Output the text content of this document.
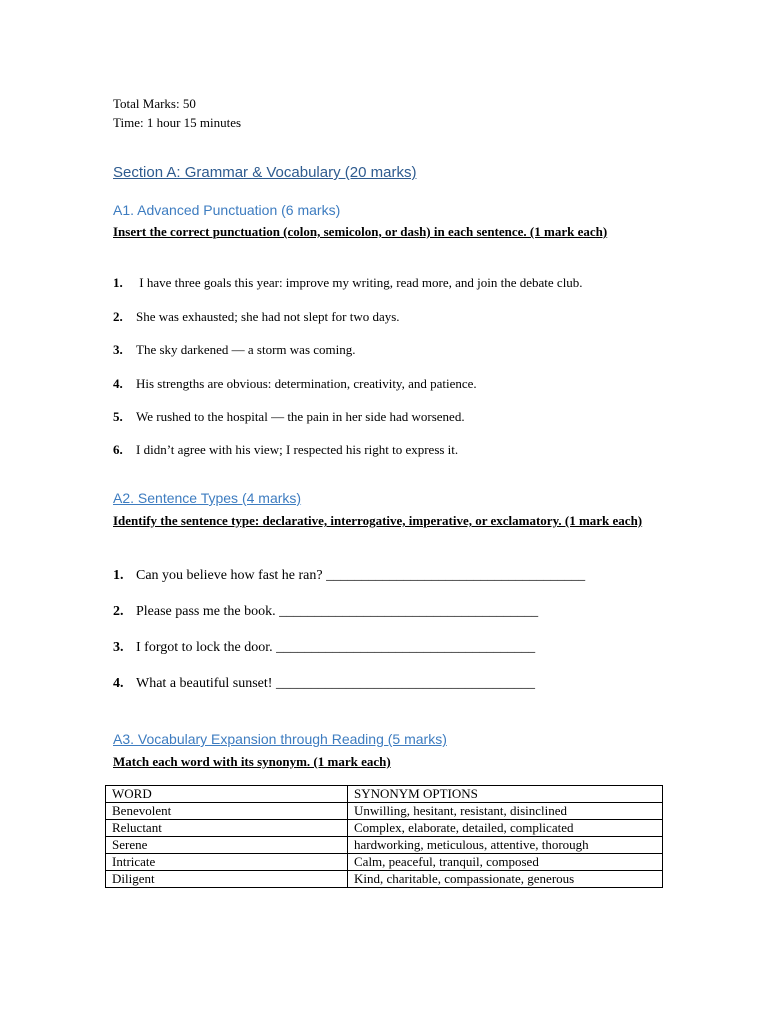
Total Marks: 50
Time: 1 hour 15 minutes
Section A: Grammar & Vocabulary (20 marks)
A1. Advanced Punctuation (6 marks)
Insert the correct punctuation (colon, semicolon, or dash) in each sentence. (1 mark each)
1. I have three goals this year: improve my writing, read more, and join the debate club.
2. She was exhausted; she had not slept for two days.
3. The sky darkened — a storm was coming.
4. His strengths are obvious: determination, creativity, and patience.
5. We rushed to the hospital — the pain in her side had worsened.
6. I didn’t agree with his view; I respected his right to express it.
A2. Sentence Types (4 marks)
Identify the sentence type: declarative, interrogative, imperative, or exclamatory. (1 mark each)
1. Can you believe how fast he ran? _____________________________________
2. Please pass me the book. _____________________________________
3. I forgot to lock the door. _____________________________________
4. What a beautiful sunset! _____________________________________
A3. Vocabulary Expansion through Reading (5 marks)
Match each word with its synonym. (1 mark each)
WORD	SYNONYM OPTIONS
Benevolent	Unwilling, hesitant, resistant, disinclined
Reluctant	Complex, elaborate, detailed, complicated
Serene	hardworking, meticulous, attentive, thorough
Intricate	Calm, peaceful, tranquil, composed
Diligent	Kind, charitable, compassionate, generous
